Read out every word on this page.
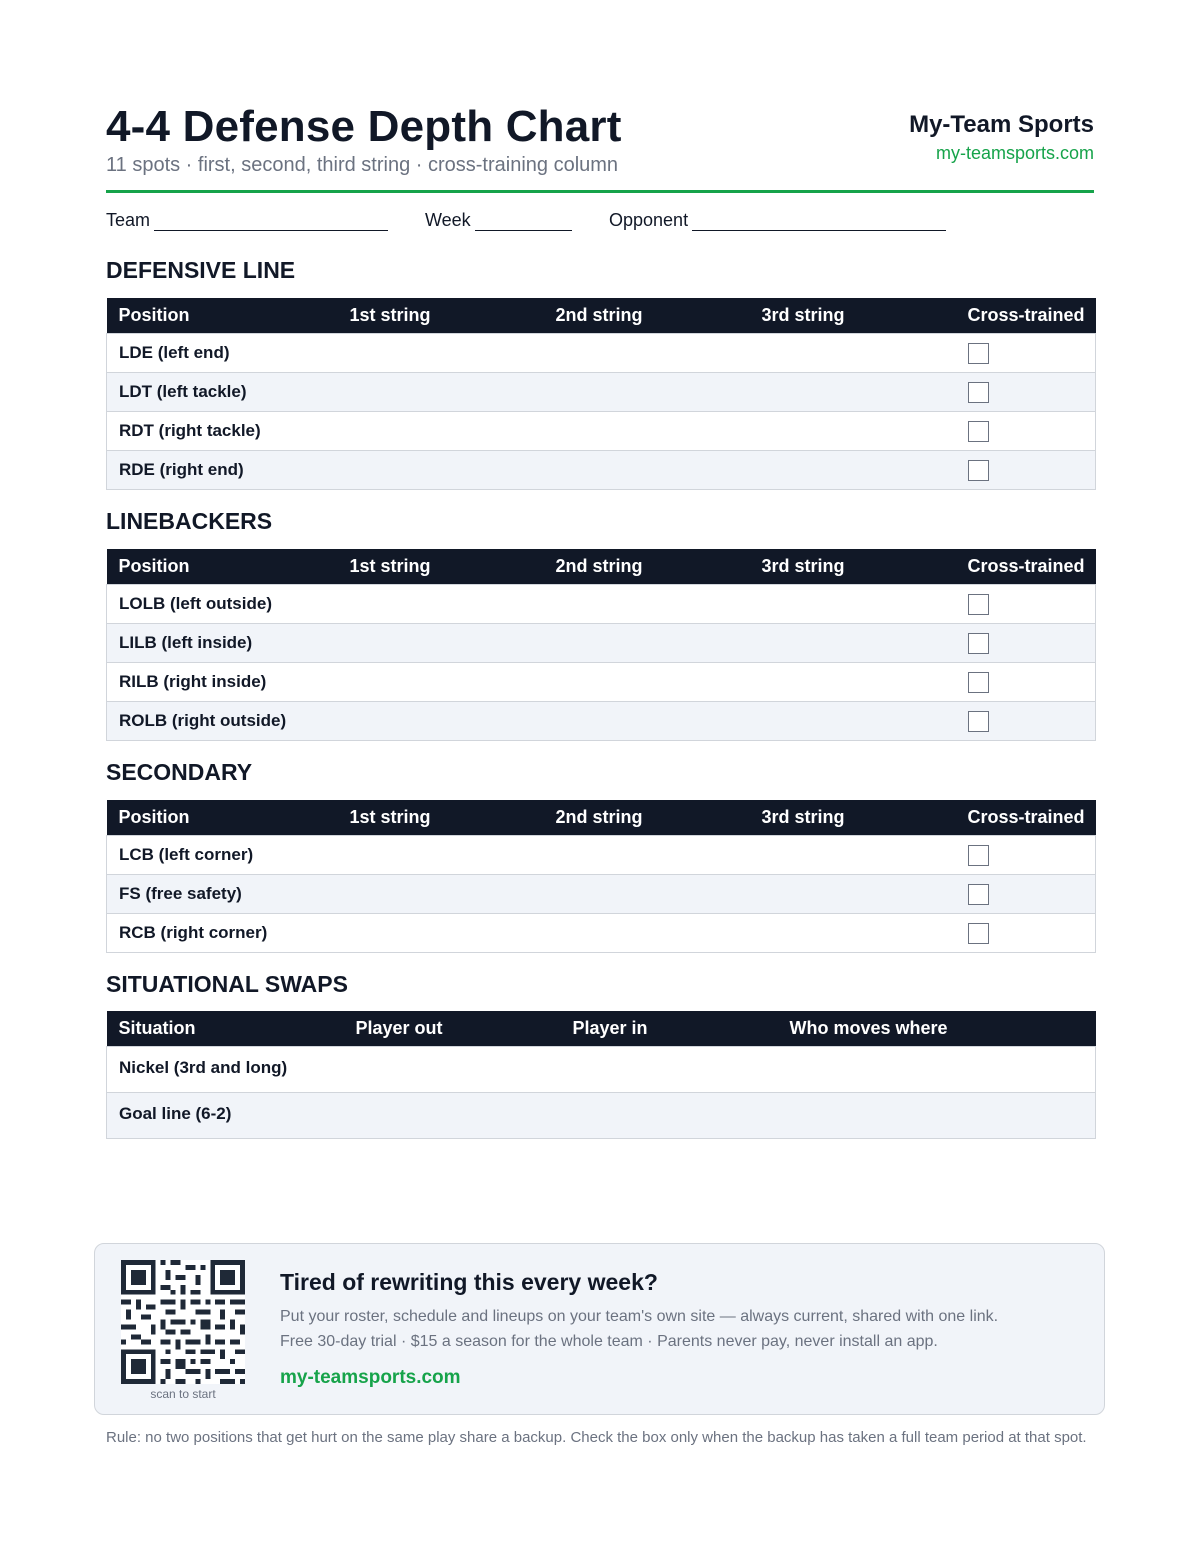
4-4 Defense Depth Chart
11 spots · first, second, third string · cross-training column
My-Team Sports
my-teamsports.com
Team	Week	Opponent
DEFENSIVE LINE
Position	1st string	2nd string	3rd string	Cross-trained
LDE (left end)				
LDT (left tackle)				
RDT (right tackle)				
RDE (right end)				
LINEBACKERS
Position	1st string	2nd string	3rd string	Cross-trained
LOLB (left outside)				
LILB (left inside)				
RILB (right inside)				
ROLB (right outside)				
SECONDARY
Position	1st string	2nd string	3rd string	Cross-trained
LCB (left corner)				
FS (free safety)				
RCB (right corner)				
SITUATIONAL SWAPS
Situation	Player out	Player in	Who moves where
Nickel (3rd and long)			
Goal line (6-2)			
scan to start
Tired of rewriting this every week?
Put your roster, schedule and lineups on your team's own site — always current, shared with one link.
Free 30-day trial · $15 a season for the whole team · Parents never pay, never install an app.
my-teamsports.com
Rule: no two positions that get hurt on the same play share a backup. Check the box only when the backup has taken a full team period at that spot.
